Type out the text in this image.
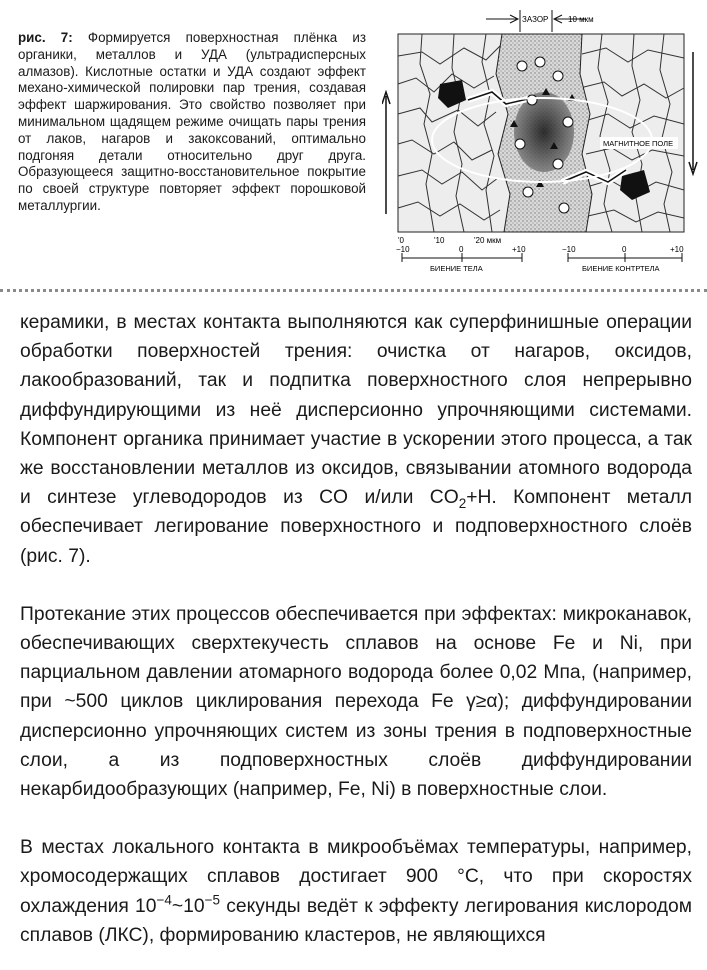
рис. 7: Формируется поверхностная плёнка из органики, металлов и УДА (ультрадисперсных алмазов). Кислотные остатки и УДА создают эффект механо-химической полировки пар трения, создавая эффект шаржирования. Это свойство позволяет при минимальном щадящем режиме очищать пары трения от лаков, нагаров и закоксований, оптимально подгоняя детали относительно друг друга. Образующееся защитно-восстановительное покрытие по своей структуре повторяет эффект порошковой металлургии.
ЗАЗОР 10 мкм
МАГНИТНОЕ ПОЛЕ
'0	'10	'20 мкм
−10	0	+10
БИЕНИЕ ТЕЛА
−10	0	+10
БИЕНИЕ КОНТРТЕЛА

керамики, в местах контакта выполняются как суперфинишные операции обработки поверхностей трения: очистка от нагаров, оксидов, лакообразований, так и подпитка поверхностного слоя непрерывно диффундирующими из неё дисперсионно упрочняющими системами. Компонент органика принимает участие в ускорении этого процесса, а так же восстановлении металлов из оксидов, связывании атомного водорода и синтезе углеводородов из CO и/или $CO_2+H$. Компонент металл обеспечивает легирование поверхностного и подповерхностного слоёв (рис. 7).

Протекание этих процессов обеспечивается при эффектах: микроканавок, обеспечивающих сверхтекучесть сплавов на основе Fe и Ni, при парциальном давлении атомарного водорода более 0,02 Мпа, (например, при ~500 циклов циклирования перехода Fe γ≥α); диффундировании дисперсионно упрочняющих систем из зоны трения в подповерхностные слои, а из подповерхностных слоёв диффундировании некарбидообразующих (например, Fe, Ni) в поверхностные слои.

В местах локального контакта в микрообъёмах температуры, например, хромосодержащих сплавов достигает 900 °С, что при скоростях охлаждения $10^{-4}\sim 10^{-5}$ секунды ведёт к эффекту легирования кислородом сплавов (ЛКС), формированию кластеров, не являющихся
